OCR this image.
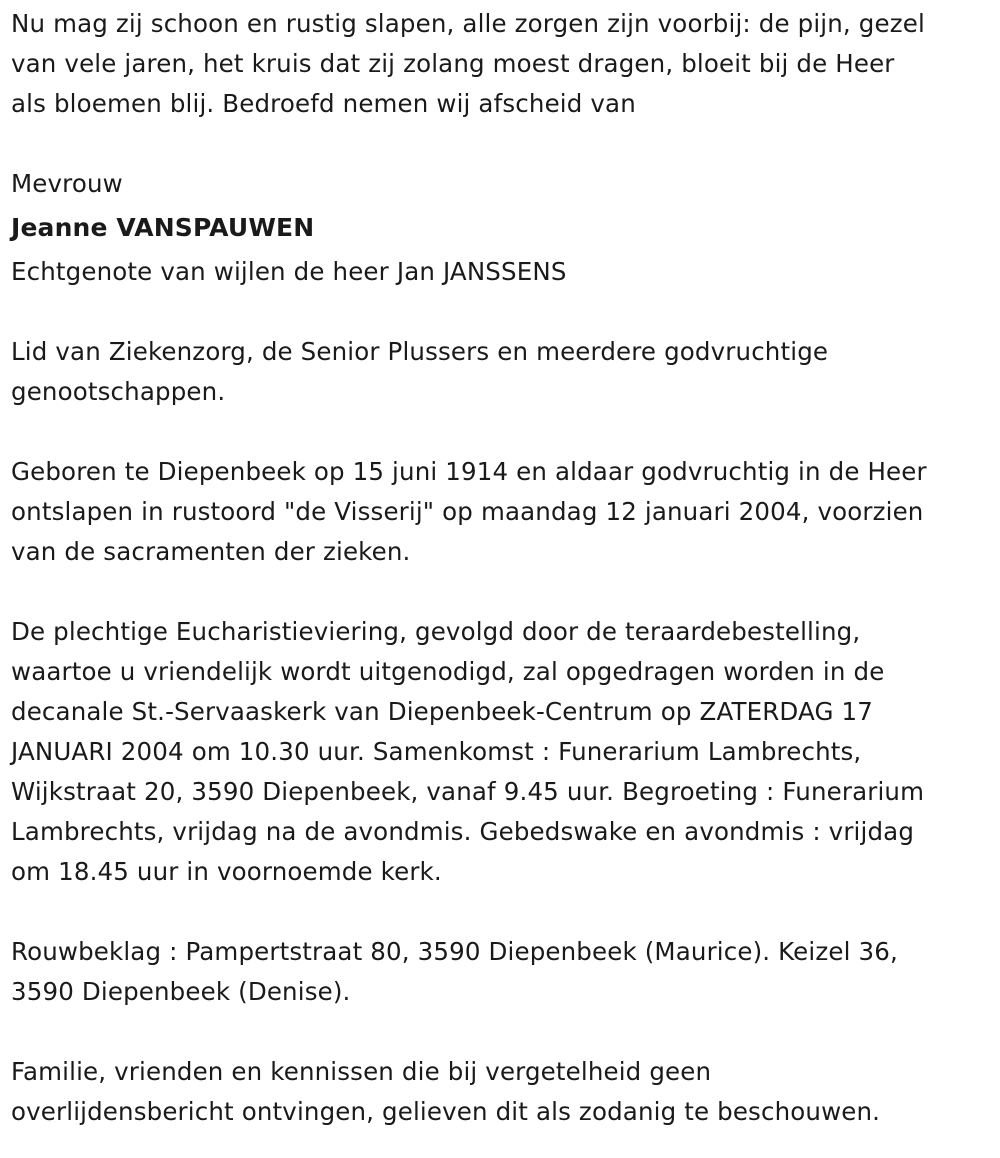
Nu mag zij schoon en rustig slapen, alle zorgen zijn voorbij: de pijn, gezel
van vele jaren, het kruis dat zij zolang moest dragen, bloeit bij de Heer
als bloemen blij. Bedroefd nemen wij afscheid van
Mevrouw
Jeanne VANSPAUWEN
Echtgenote van wijlen de heer Jan JANSSENS
Lid van Ziekenzorg, de Senior Plussers en meerdere godvruchtige
genootschappen.
Geboren te Diepenbeek op 15 juni 1914 en aldaar godvruchtig in de Heer
ontslapen in rustoord "de Visserij" op maandag 12 januari 2004, voorzien
van de sacramenten der zieken.
De plechtige Eucharistieviering, gevolgd door de teraardebestelling,
waartoe u vriendelijk wordt uitgenodigd, zal opgedragen worden in de
decanale St.-Servaaskerk van Diepenbeek-Centrum op ZATERDAG 17
JANUARI 2004 om 10.30 uur. Samenkomst : Funerarium Lambrechts,
Wijkstraat 20, 3590 Diepenbeek, vanaf 9.45 uur. Begroeting : Funerarium
Lambrechts, vrijdag na de avondmis. Gebedswake en avondmis : vrijdag
om 18.45 uur in voornoemde kerk.
Rouwbeklag : Pampertstraat 80, 3590 Diepenbeek (Maurice). Keizel 36,
3590 Diepenbeek (Denise).
Familie, vrienden en kennissen die bij vergetelheid geen
overlijdensbericht ontvingen, gelieven dit als zodanig te beschouwen.
